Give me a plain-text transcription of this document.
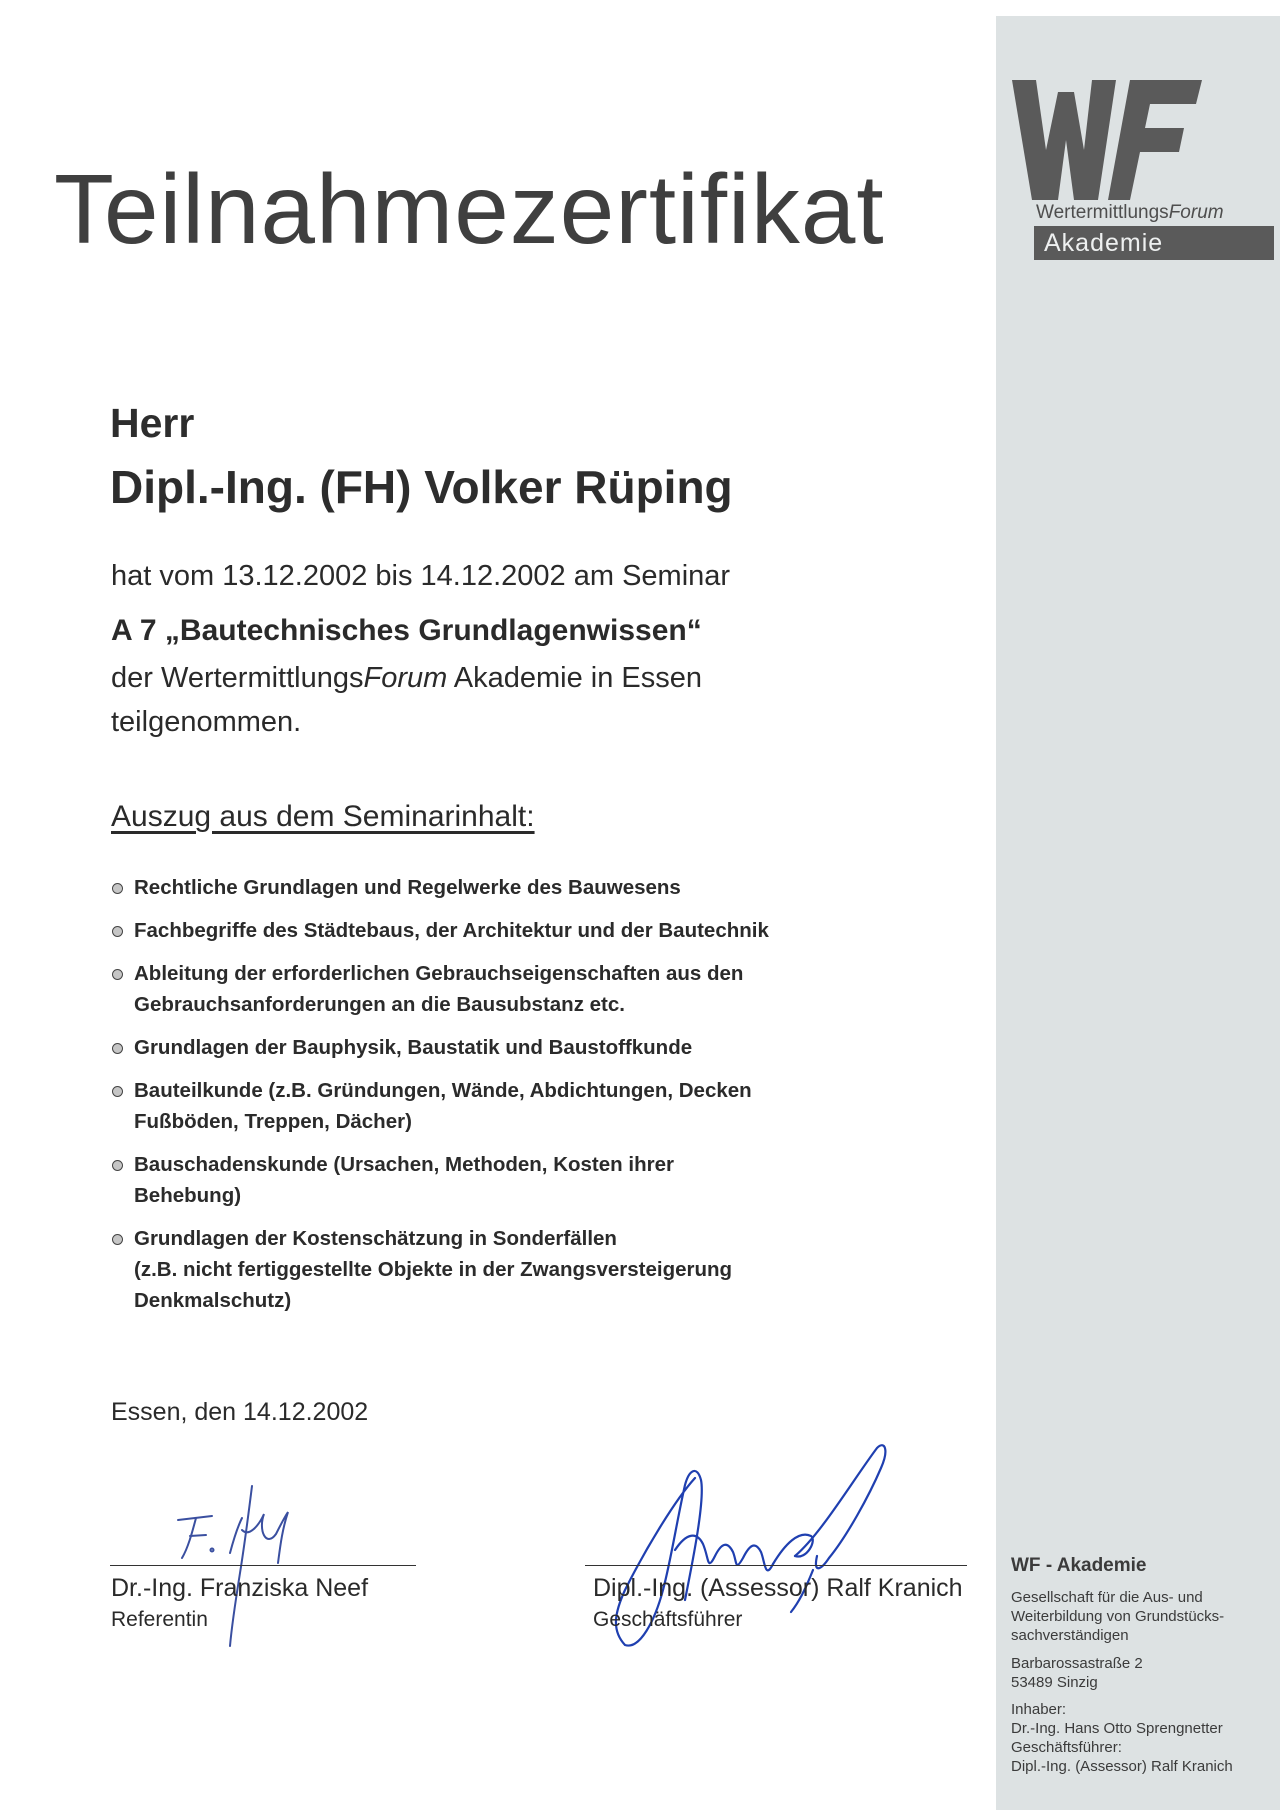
WertermittlungsForum
Akademie
Teilnahmezertifikat
Herr
Dipl.-Ing. (FH) Volker Rüping
hat vom 13.12.2002 bis 14.12.2002 am Seminar
A 7 „Bautechnisches Grundlagenwissen“
der WertermittlungsForum Akademie in Essen
teilgenommen.
Auszug aus dem Seminarinhalt:
Rechtliche Grundlagen und Regelwerke des Bauwesens
Fachbegriffe des Städtebaus, der Architektur und der Bautechnik
Ableitung der erforderlichen Gebrauchseigenschaften aus den
Gebrauchsanforderungen an die Bausubstanz etc.
Grundlagen der Bauphysik, Baustatik und Baustoffkunde
Bauteilkunde (z.B. Gründungen, Wände, Abdichtungen, Decken
Fußböden, Treppen, Dächer)
Bauschadenskunde (Ursachen, Methoden, Kosten ihrer
Behebung)
Grundlagen der Kostenschätzung in Sonderfällen
(z.B. nicht fertiggestellte Objekte in der Zwangsversteigerung
Denkmalschutz)
Essen, den 14.12.2002
Dr.-Ing. Franziska Neef
Referentin
Dipl.-Ing. (Assessor) Ralf Kranich
Geschäftsführer
WF - Akademie
Gesellschaft für die Aus- und
Weiterbildung von Grundstücks-
sachverständigen
Barbarossastraße 2
53489 Sinzig
Inhaber:
Dr.-Ing. Hans Otto Sprengnetter
Geschäftsführer:
Dipl.-Ing. (Assessor) Ralf Kranich
